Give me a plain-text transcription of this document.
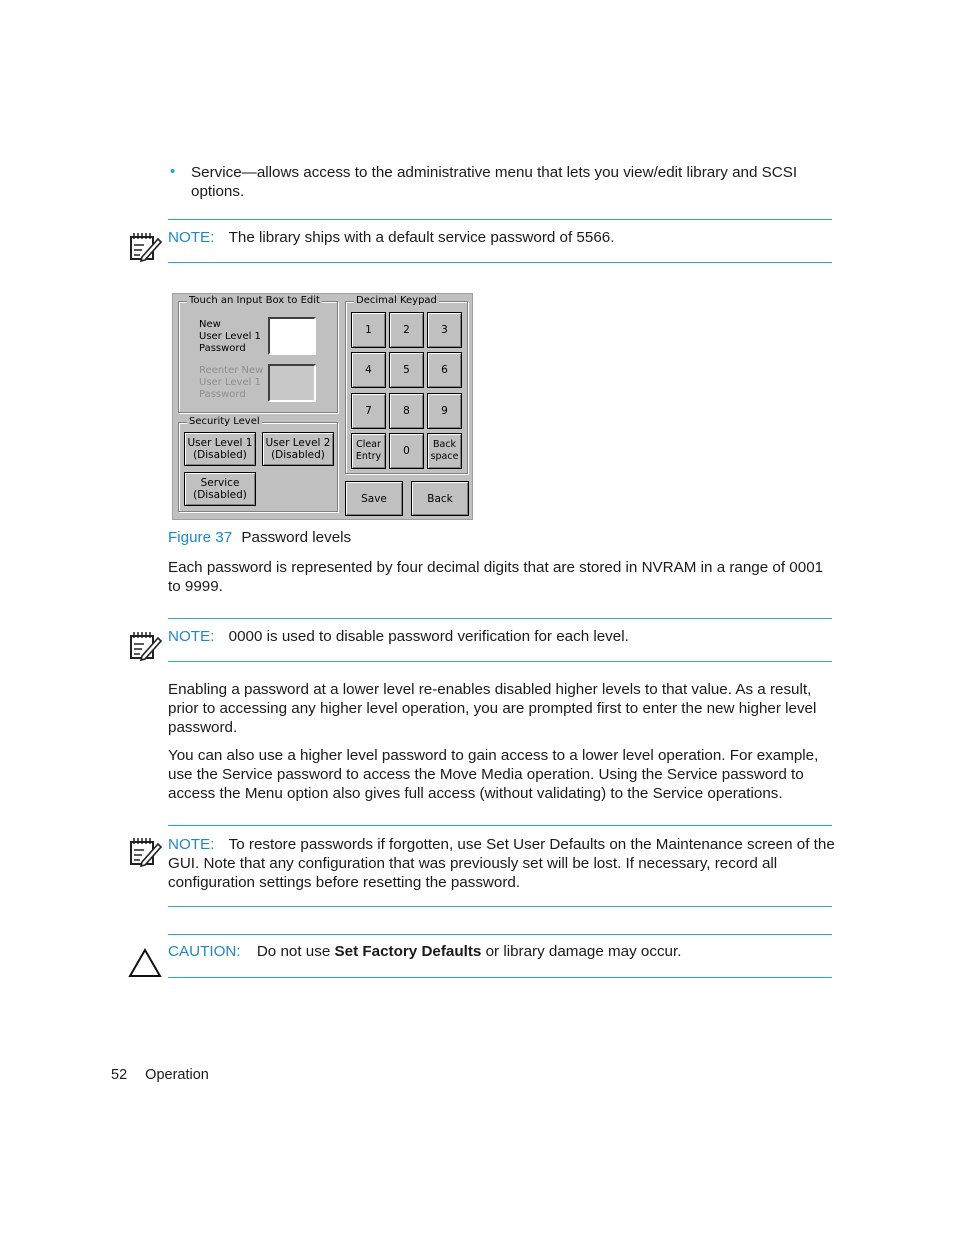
• Service—allows access to the administrative menu that lets you view/edit library and SCSI
options.
NOTE: The library ships with a default service password of 5566.
Touch an Input Box to Edit
New
User Level 1
Password
Reenter New
User Level 1
Password
Security Level
User Level 1
(Disabled)
User Level 2
(Disabled)
Service
(Disabled)
Decimal Keypad
1	2	3
4	5	6
7	8	9
Clear
Entry	0
Back
space
Save	Back
Figure 37 Password levels
Each password is represented by four decimal digits that are stored in NVRAM in a range of 0001
to 9999.
NOTE: 0000 is used to disable password verification for each level.
Enabling a password at a lower level re-enables disabled higher levels to that value. As a result,
prior to accessing any higher level operation, you are prompted first to enter the new higher level
password.
You can also use a higher level password to gain access to a lower level operation. For example,
use the Service password to access the Move Media operation. Using the Service password to
access the Menu option also gives full access (without validating) to the Service operations.
NOTE: To restore passwords if forgotten, use Set User Defaults on the Maintenance screen of the
GUI. Note that any configuration that was previously set will be lost. If necessary, record all
configuration settings before resetting the password.
CAUTION: Do not use Set Factory Defaults or library damage may occur.
52 Operation
